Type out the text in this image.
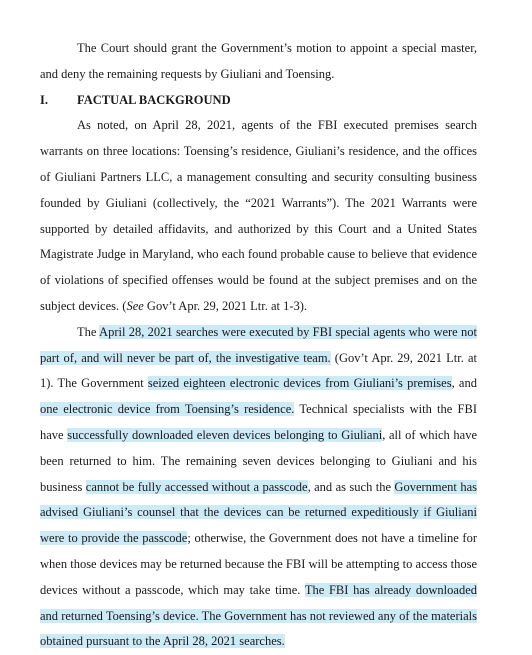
The Court should grant the Government’s motion to appoint a special master, and deny the remaining requests by Giuliani and Toensing.

I.	FACTUAL BACKGROUND

As noted, on April 28, 2021, agents of the FBI executed premises search warrants on three locations: Toensing’s residence, Giuliani’s residence, and the offices of Giuliani Partners LLC, a management consulting and security consulting business founded by Giuliani (collectively, the “2021 Warrants”). The 2021 Warrants were supported by detailed affidavits, and authorized by this Court and a United States Magistrate Judge in Maryland, who each found probable cause to believe that evidence of violations of specified offenses would be found at the subject premises and on the subject devices. (See Gov’t Apr. 29, 2021 Ltr. at 1-3).

The April 28, 2021 searches were executed by FBI special agents who were not part of, and will never be part of, the investigative team. (Gov’t Apr. 29, 2021 Ltr. at 1). The Government seized eighteen electronic devices from Giuliani’s premises, and one electronic device from Toensing’s residence. Technical specialists with the FBI have successfully downloaded eleven devices belonging to Giuliani, all of which have been returned to him. The remaining seven devices belonging to Giuliani and his business cannot be fully accessed without a passcode, and as such the Government has advised Giuliani’s counsel that the devices can be returned expeditiously if Giuliani were to provide the passcode; otherwise, the Government does not have a timeline for when those devices may be returned because the FBI will be attempting to access those devices without a passcode, which may take time. The FBI has already downloaded and returned Toensing’s device. The Government has not reviewed any of the materials obtained pursuant to the April 28, 2021 searches.
